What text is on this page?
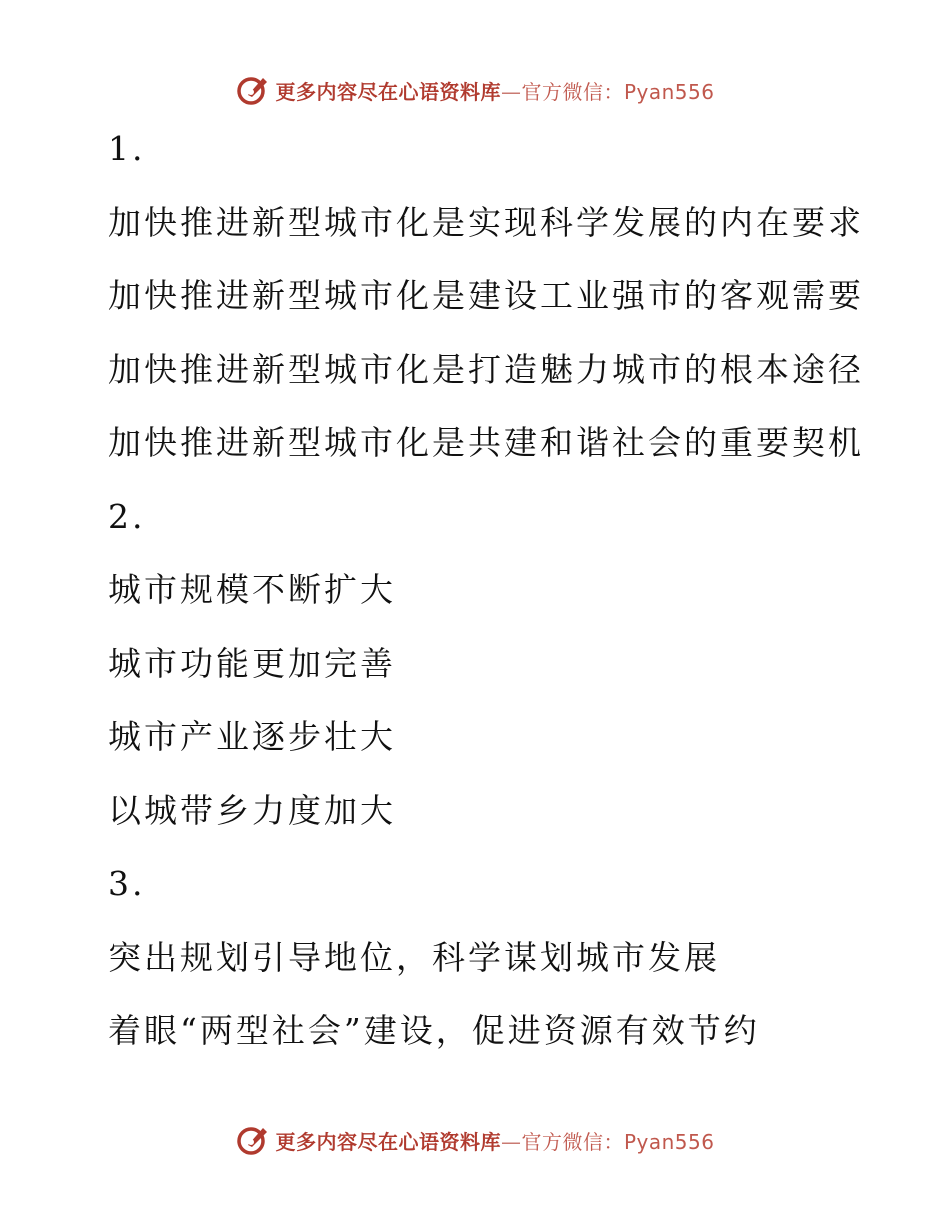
更多内容尽在心语资料库—官方微信：Pyan556
1.
加快推进新型城市化是实现科学发展的内在要求
加快推进新型城市化是建设工业强市的客观需要
加快推进新型城市化是打造魅力城市的根本途径
加快推进新型城市化是共建和谐社会的重要契机
2.
城市规模不断扩大
城市功能更加完善
城市产业逐步壮大
以城带乡力度加大
3.
突出规划引导地位，科学谋划城市发展
着眼“两型社会”建设，促进资源有效节约
更多内容尽在心语资料库—官方微信：Pyan556
